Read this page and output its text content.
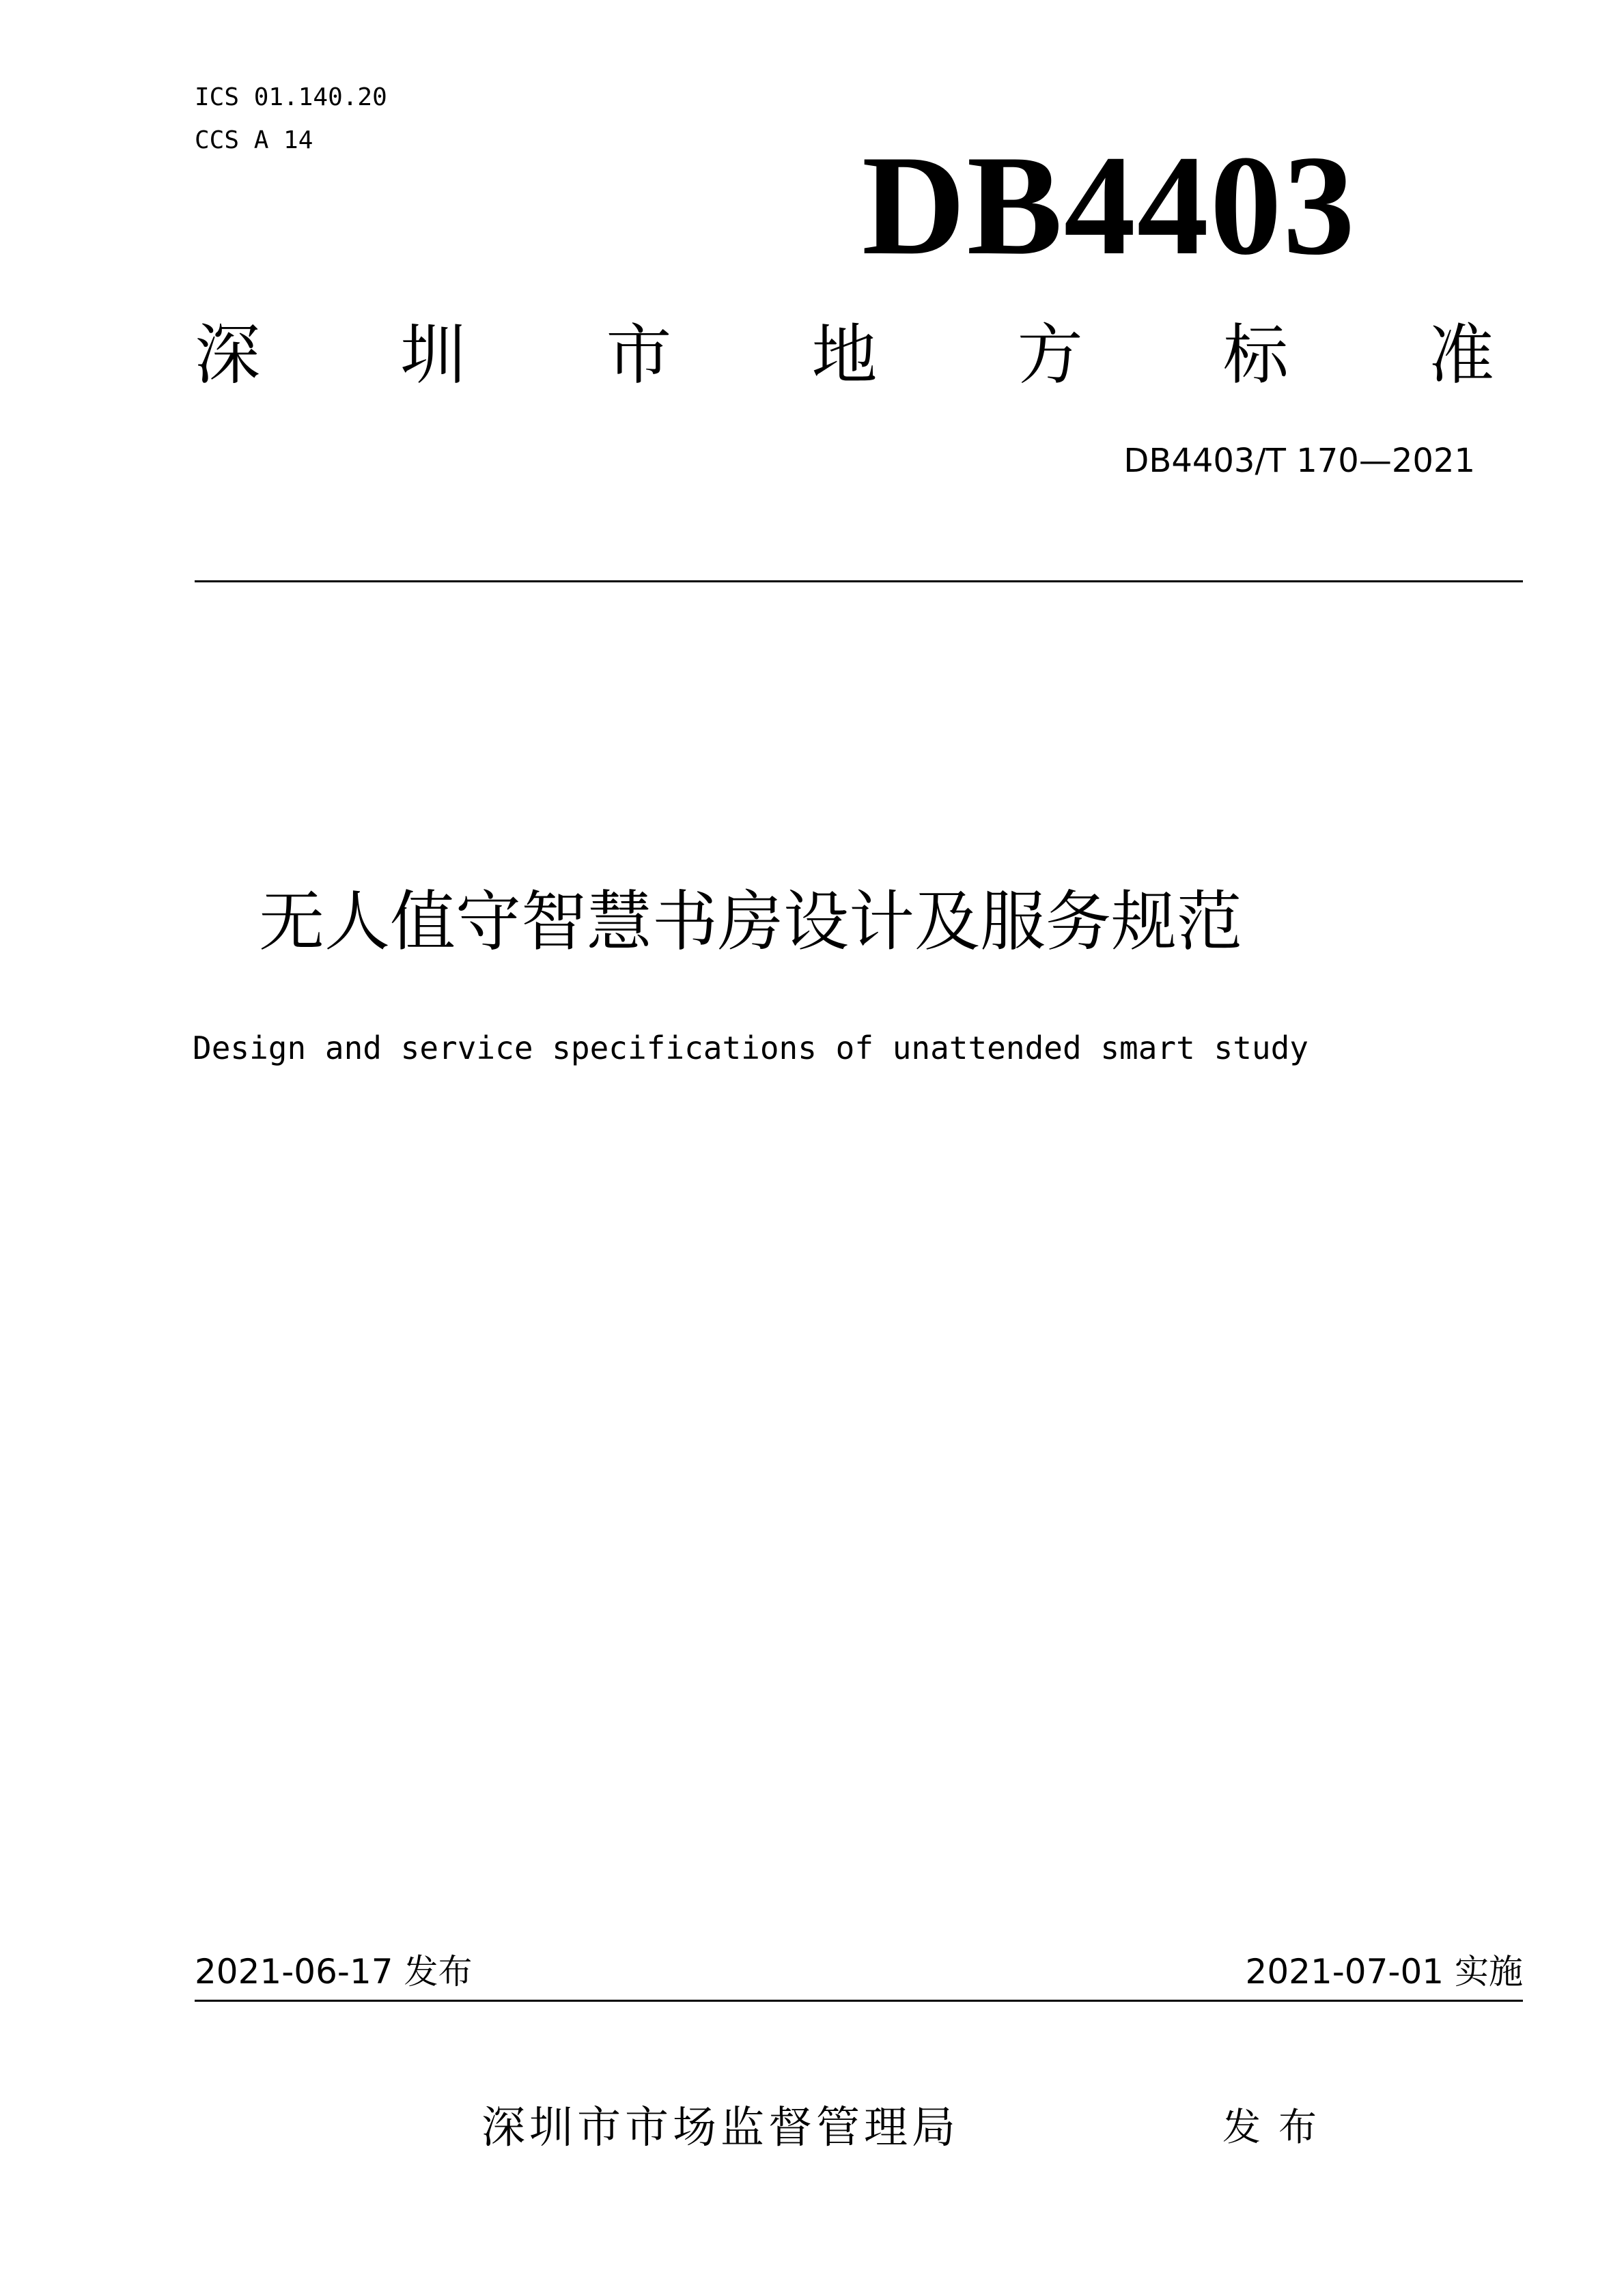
ICS 01.140.20
CCS A 14	DB4403
深 圳 市 地 方 标 准
DB4403/T 170—2021
无人值守智慧书房设计及服务规范
Design and service specifications of unattended smart study
2021-06-17 发布	2021-07-01 实施
深圳市市场监督管理局	发布
